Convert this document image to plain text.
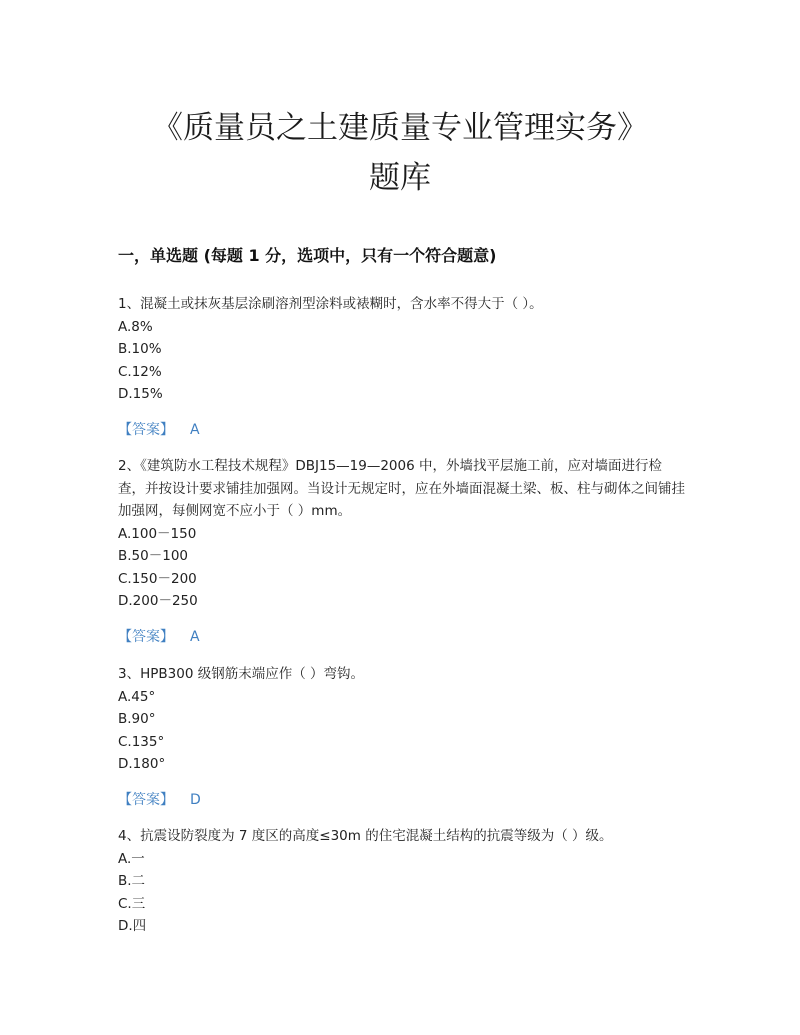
《质量员之土建质量专业管理实务》
题库
一，单选题 (每题 1 分，选项中，只有一个符合题意)

1、混凝土或抹灰基层涂刷溶剂型涂料或裱糊时，含水率不得大于（ ）。

A.8%

B.10%

C.12%

D.15%

【答案】 A

2、《建筑防水工程技术规程》DBJ15—19—2006 中，外墙找平层施工前，应对墙面进行检查，并按设计要求铺挂加强网。当设计无规定时，应在外墙面混凝土梁、板、柱与砌体之间铺挂加强网，每侧网宽不应小于（ ）mm。

A.100－150

B.50－100

C.150－200

D.200－250

【答案】 A

3、HPB300 级钢筋末端应作（ ）弯钩。

A.45°

B.90°

C.135°

D.180°

【答案】 D

4、抗震设防裂度为 7 度区的高度≤30m 的住宅混凝土结构的抗震等级为（ ）级。

A.一

B.二

C.三

D.四
